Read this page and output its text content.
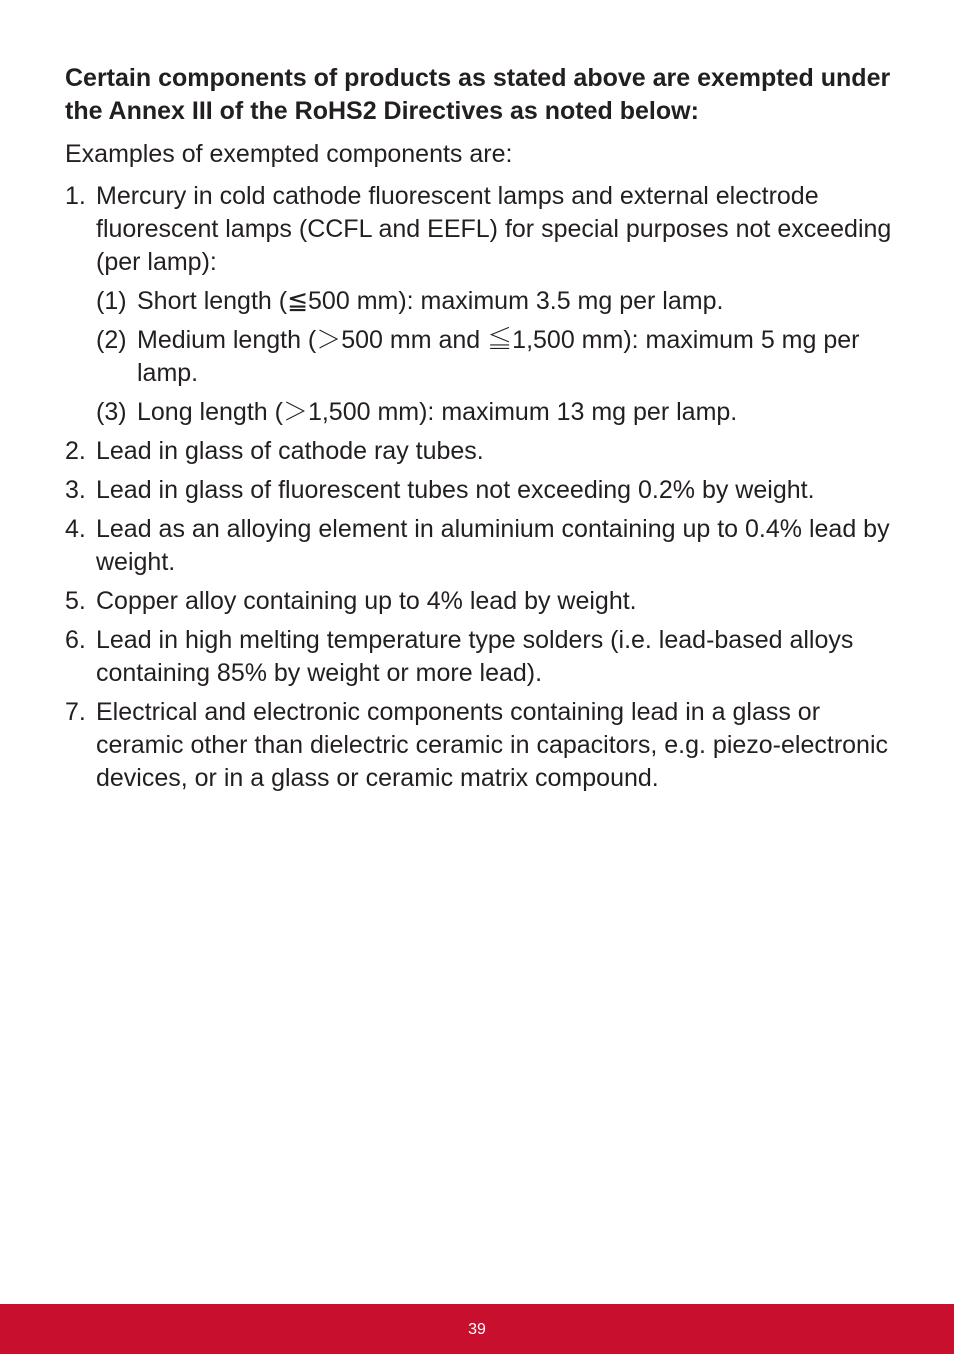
Certain components of products as stated above are exempted under the Annex III of the RoHS2 Directives as noted below:

Examples of exempted components are:

1. Mercury in cold cathode fluorescent lamps and external electrode fluorescent lamps (CCFL and EEFL) for special purposes not exceeding (per lamp):
(1) Short length (≦500 mm): maximum 3.5 mg per lamp.
(2) Medium length (＞500 mm and ≦1,500 mm): maximum 5 mg per lamp.
(3) Long length (＞1,500 mm): maximum 13 mg per lamp.
2. Lead in glass of cathode ray tubes.
3. Lead in glass of fluorescent tubes not exceeding 0.2% by weight.
4. Lead as an alloying element in aluminium containing up to 0.4% lead by weight.
5. Copper alloy containing up to 4% lead by weight.
6. Lead in high melting temperature type solders (i.e. lead-based alloys containing 85% by weight or more lead).
7. Electrical and electronic components containing lead in a glass or ceramic other than dielectric ceramic in capacitors, e.g. piezo-electronic devices, or in a glass or ceramic matrix compound.
39
